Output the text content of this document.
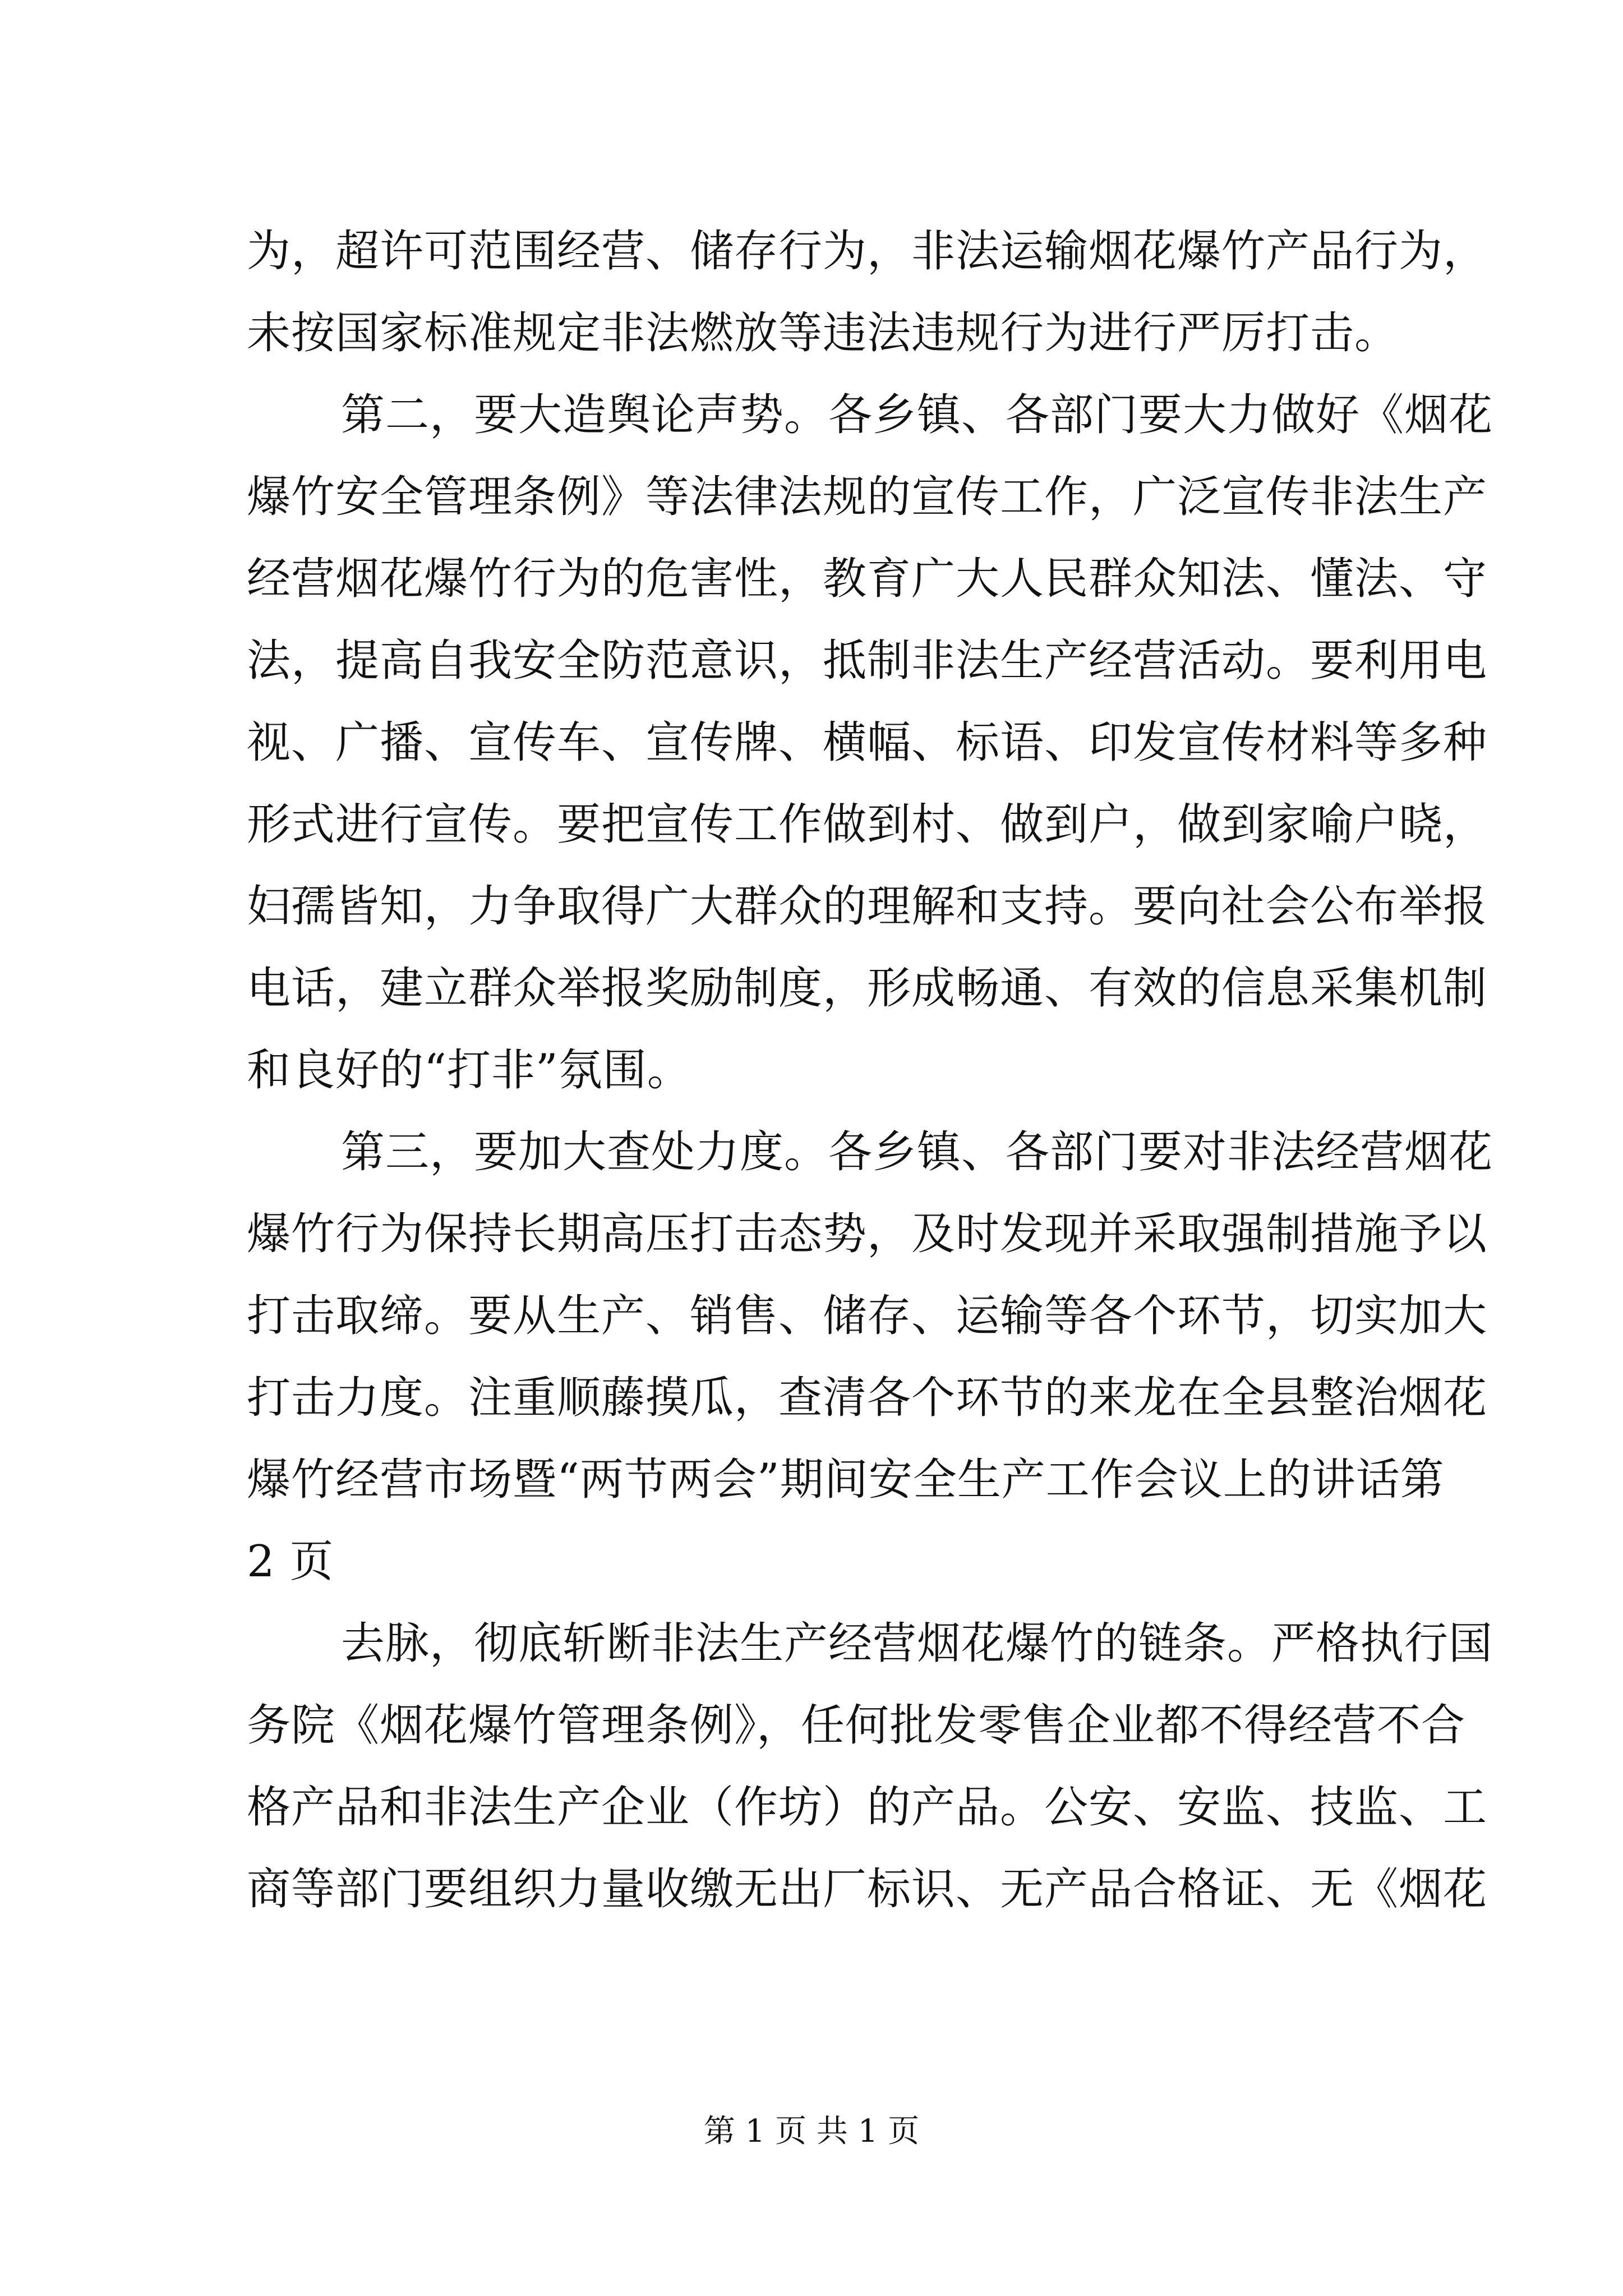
为，超许可范围经营、储存行为，非法运输烟花爆竹产品行为，
未按国家标准规定非法燃放等违法违规行为进行严厉打击。
第二，要大造舆论声势。各乡镇、各部门要大力做好《烟花
爆竹安全管理条例》等法律法规的宣传工作，广泛宣传非法生产
经营烟花爆竹行为的危害性，教育广大人民群众知法、懂法、守
法，提高自我安全防范意识，抵制非法生产经营活动。要利用电
视、广播、宣传车、宣传牌、横幅、标语、印发宣传材料等多种
形式进行宣传。要把宣传工作做到村、做到户，做到家喻户晓，
妇孺皆知，力争取得广大群众的理解和支持。要向社会公布举报
电话，建立群众举报奖励制度，形成畅通、有效的信息采集机制
和良好的“打非”氛围。
第三，要加大查处力度。各乡镇、各部门要对非法经营烟花
爆竹行为保持长期高压打击态势，及时发现并采取强制措施予以
打击取缔。要从生产、销售、储存、运输等各个环节，切实加大
打击力度。注重顺藤摸瓜，查清各个环节的来龙在全县整治烟花
爆竹经营市场暨“两节两会”期间安全生产工作会议上的讲话第
2 页
去脉，彻底斩断非法生产经营烟花爆竹的链条。严格执行国
务院《烟花爆竹管理条例》，任何批发零售企业都不得经营不合
格产品和非法生产企业（作坊）的产品。公安、安监、技监、工
商等部门要组织力量收缴无出厂标识、无产品合格证、无《烟花
第 1 页 共 1 页
